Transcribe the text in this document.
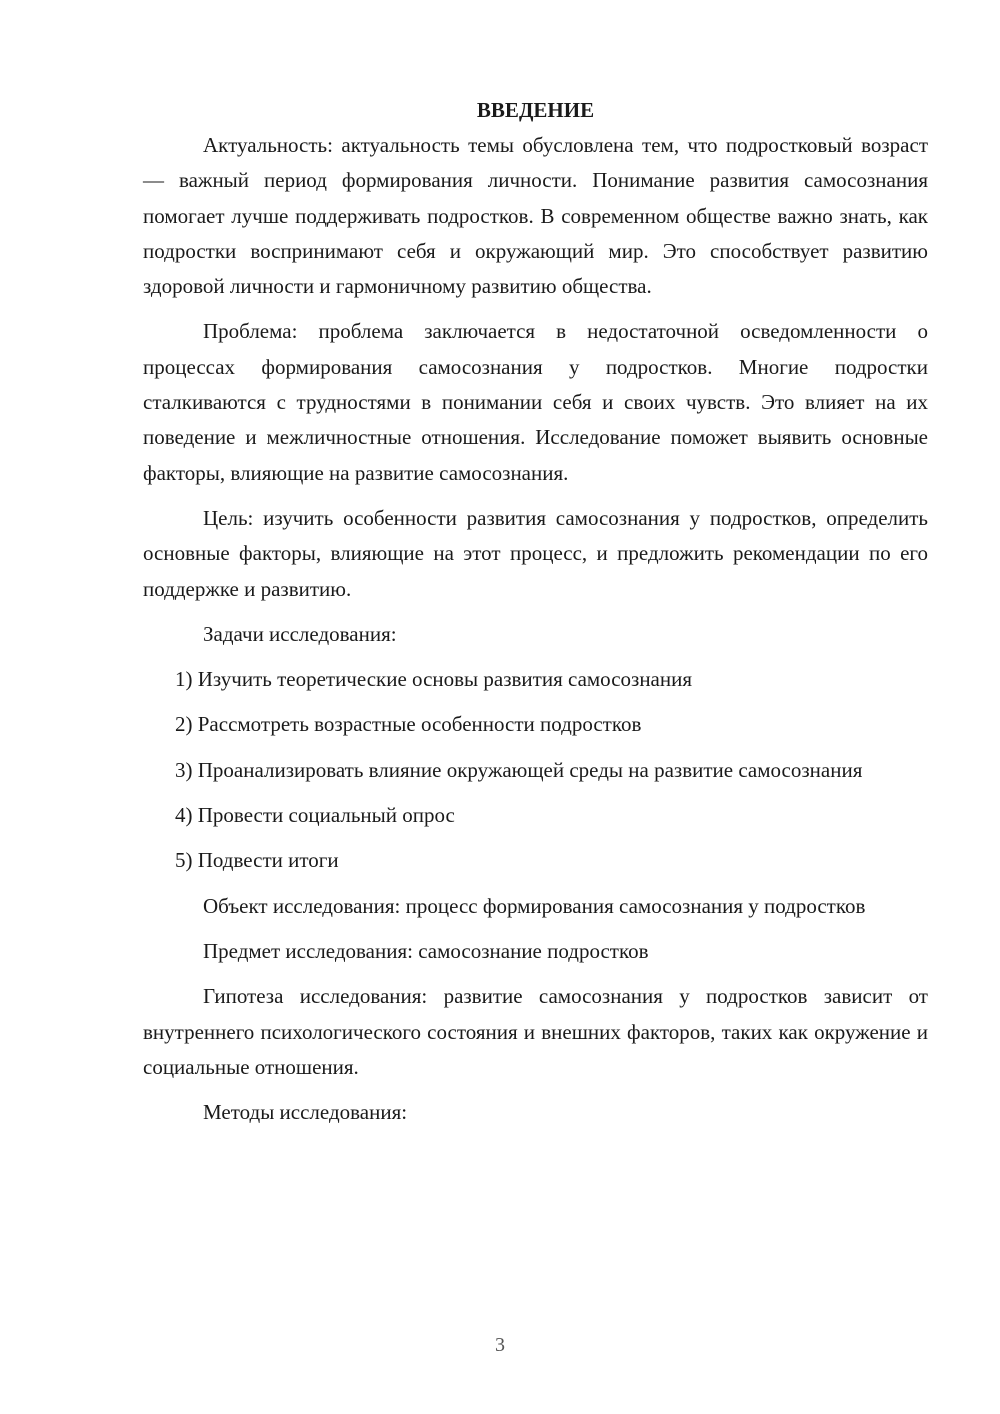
ВВЕДЕНИЕ

Актуальность: актуальность темы обусловлена тем, что подростковый возраст — важный период формирования личности. Понимание развития самосознания помогает лучше поддерживать подростков. В современном обществе важно знать, как подростки воспринимают себя и окружающий мир. Это способствует развитию здоровой личности и гармоничному развитию общества.

Проблема: проблема заключается в недостаточной осведомленности о процессах формирования самосознания у подростков. Многие подростки сталкиваются с трудностями в понимании себя и своих чувств. Это влияет на их поведение и межличностные отношения. Исследование поможет выявить основные факторы, влияющие на развитие самосознания.

Цель: изучить особенности развития самосознания у подростков, определить основные факторы, влияющие на этот процесс, и предложить рекомендации по его поддержке и развитию.

Задачи исследования:

1) Изучить теоретические основы развития самосознания

2) Рассмотреть возрастные особенности подростков

3) Проанализировать влияние окружающей среды на развитие самосознания

4) Провести социальный опрос

5) Подвести итоги

Объект исследования: процесс формирования самосознания у подростков

Предмет исследования: самосознание подростков

Гипотеза исследования: развитие самосознания у подростков зависит от внутреннего психологического состояния и внешних факторов, таких как окружение и социальные отношения.

Методы исследования:

3
